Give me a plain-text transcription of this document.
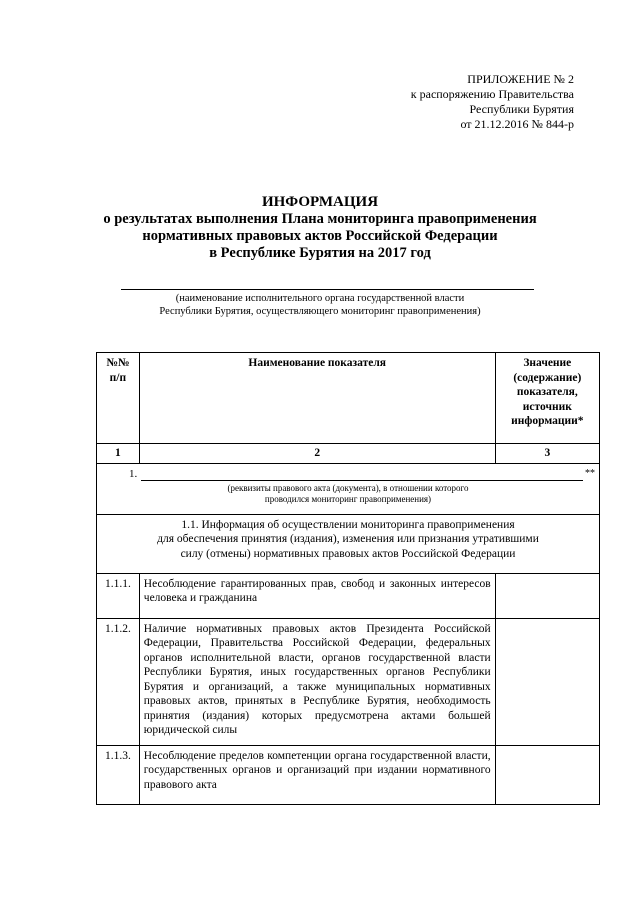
ПРИЛОЖЕНИЕ № 2
к распоряжению Правительства
Республики Бурятия
от 21.12.2016 № 844-р
ИНФОРМАЦИЯ
о результатах выполнения Плана мониторинга правоприменения
нормативных правовых актов Российской Федерации
в Республике Бурятия на 2017 год
(наименование исполнительного органа государственной власти
Республики Бурятия, осуществляющего мониторинг правоприменения)
№№ п/п	Наименование показателя	Значение (содержание) показателя, источник информации*
1	2	3

1. **
(реквизиты правового акта (документа), в отношении которого
проводился мониторинг правоприменения)		

1.1. Информация об осуществлении мониторинга правоприменения
для обеспечения принятия (издания), изменения или признания утратившими
силу (отмены) нормативных правовых актов Российской Федерации		

1.1.1.	Несоблюдение гарантированных прав, свобод и законных интересов человека и гражданина	
1.1.2.	Наличие нормативных правовых актов Президента Российской Федерации, Правительства Российской Федерации, федеральных органов исполнительной власти, органов государственной власти Республики Бурятия, иных государственных органов Республики Бурятия и организаций, а также муниципальных нормативных правовых актов, принятых в Республике Бурятия, необходимость принятия (издания) которых предусмотрена актами большей юридической силы	
1.1.3.	Несоблюдение пределов компетенции органа государственной власти, государственных органов и организаций при издании нормативного правового акта	
